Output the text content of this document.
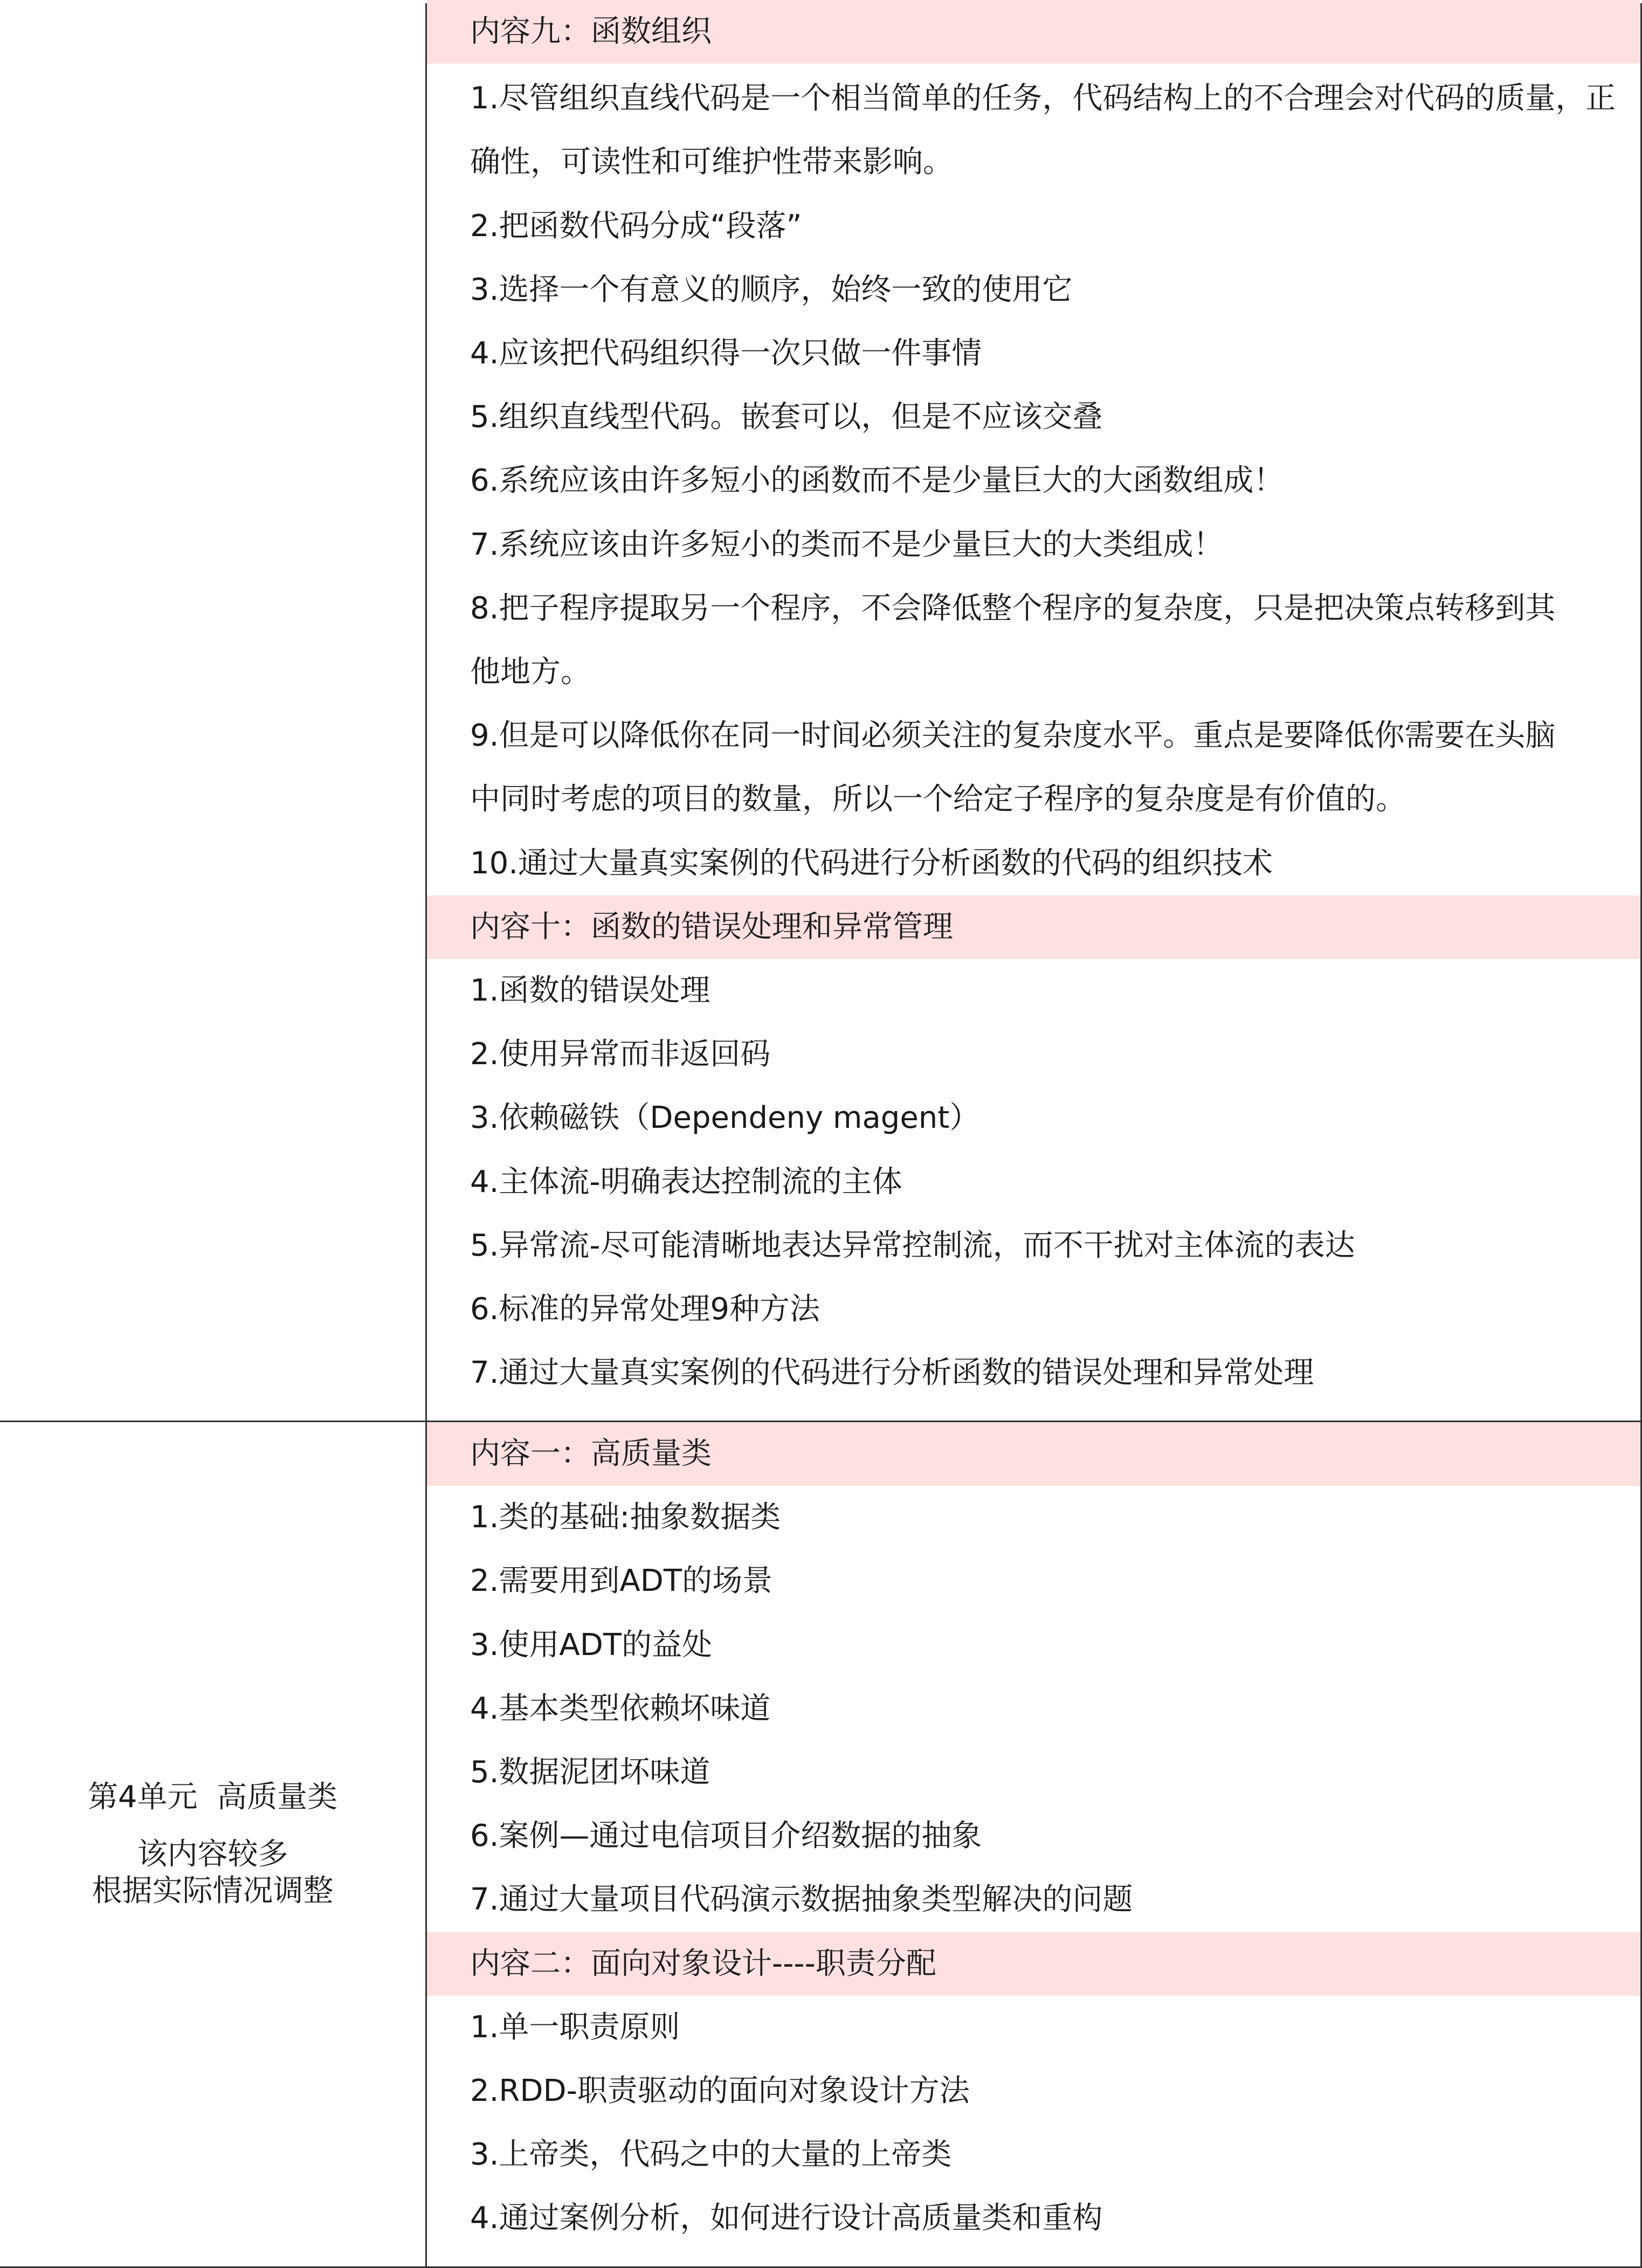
内容九：函数组织
1.尽管组织直线代码是一个相当简单的任务，代码结构上的不合理会对代码的质量，正
确性，可读性和可维护性带来影响。
2.把函数代码分成“段落”
3.选择一个有意义的顺序，始终一致的使用它
4.应该把代码组织得一次只做一件事情
5.组织直线型代码。嵌套可以，但是不应该交叠
6.系统应该由许多短小的函数而不是少量巨大的大函数组成！
7.系统应该由许多短小的类而不是少量巨大的大类组成！
8.把子程序提取另一个程序，不会降低整个程序的复杂度，只是把决策点转移到其
他地方。
9.但是可以降低你在同一时间必须关注的复杂度水平。重点是要降低你需要在头脑
中同时考虑的项目的数量，所以一个给定子程序的复杂度是有价值的。
10.通过大量真实案例的代码进行分析函数的代码的组织技术
内容十：函数的错误处理和异常管理
1.函数的错误处理
2.使用异常而非返回码
3.依赖磁铁（Dependeny magent）
4.主体流-明确表达控制流的主体
5.异常流-尽可能清晰地表达异常控制流，而不干扰对主体流的表达
6.标准的异常处理9种方法
7.通过大量真实案例的代码进行分析函数的错误处理和异常处理
第4单元  高质量类
该内容较多
根据实际情况调整
内容一：高质量类
1.类的基础:抽象数据类
2.需要用到ADT的场景
3.使用ADT的益处
4.基本类型依赖坏味道
5.数据泥团坏味道
6.案例—通过电信项目介绍数据的抽象
7.通过大量项目代码演示数据抽象类型解决的问题
内容二：面向对象设计----职责分配
1.单一职责原则
2.RDD-职责驱动的面向对象设计方法
3.上帝类，代码之中的大量的上帝类
4.通过案例分析，如何进行设计高质量类和重构
